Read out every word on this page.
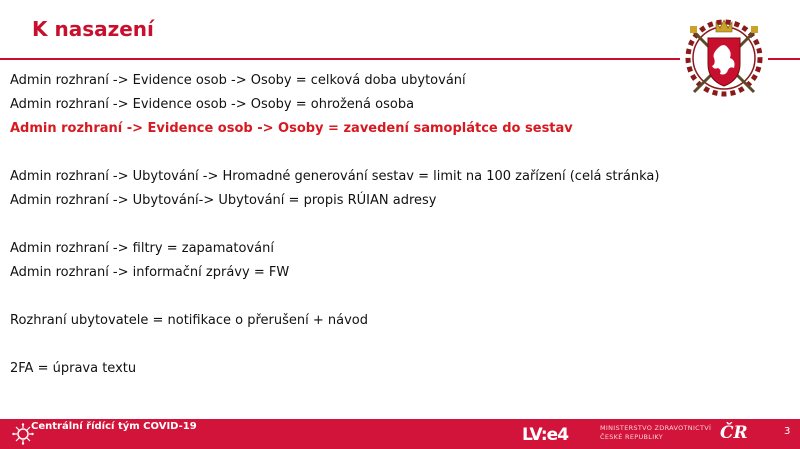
K nasazení
Admin rozhraní -> Evidence osob -> Osoby = celková doba ubytování
Admin rozhraní -> Evidence osob -> Osoby = ohrožená osoba
Admin rozhraní -> Evidence osob -> Osoby = zavedení samoplátce do sestav
Admin rozhraní -> Ubytování -> Hromadné generování sestav = limit na 100 zařízení (celá stránka)
Admin rozhraní -> Ubytování-> Ubytování = propis RÚIAN adresy
Admin rozhraní -> filtry = zapamatování
Admin rozhraní -> informační zprávy = FW
Rozhraní ubytovatele = notifikace o přerušení + návod
2FA = úprava textu
Centrální řídící tým COVID-19	LV:e4	MINISTERSTVO ZDRAVOTNICTVÍ
ČESKÉ REPUBLIKY	ČR	3
